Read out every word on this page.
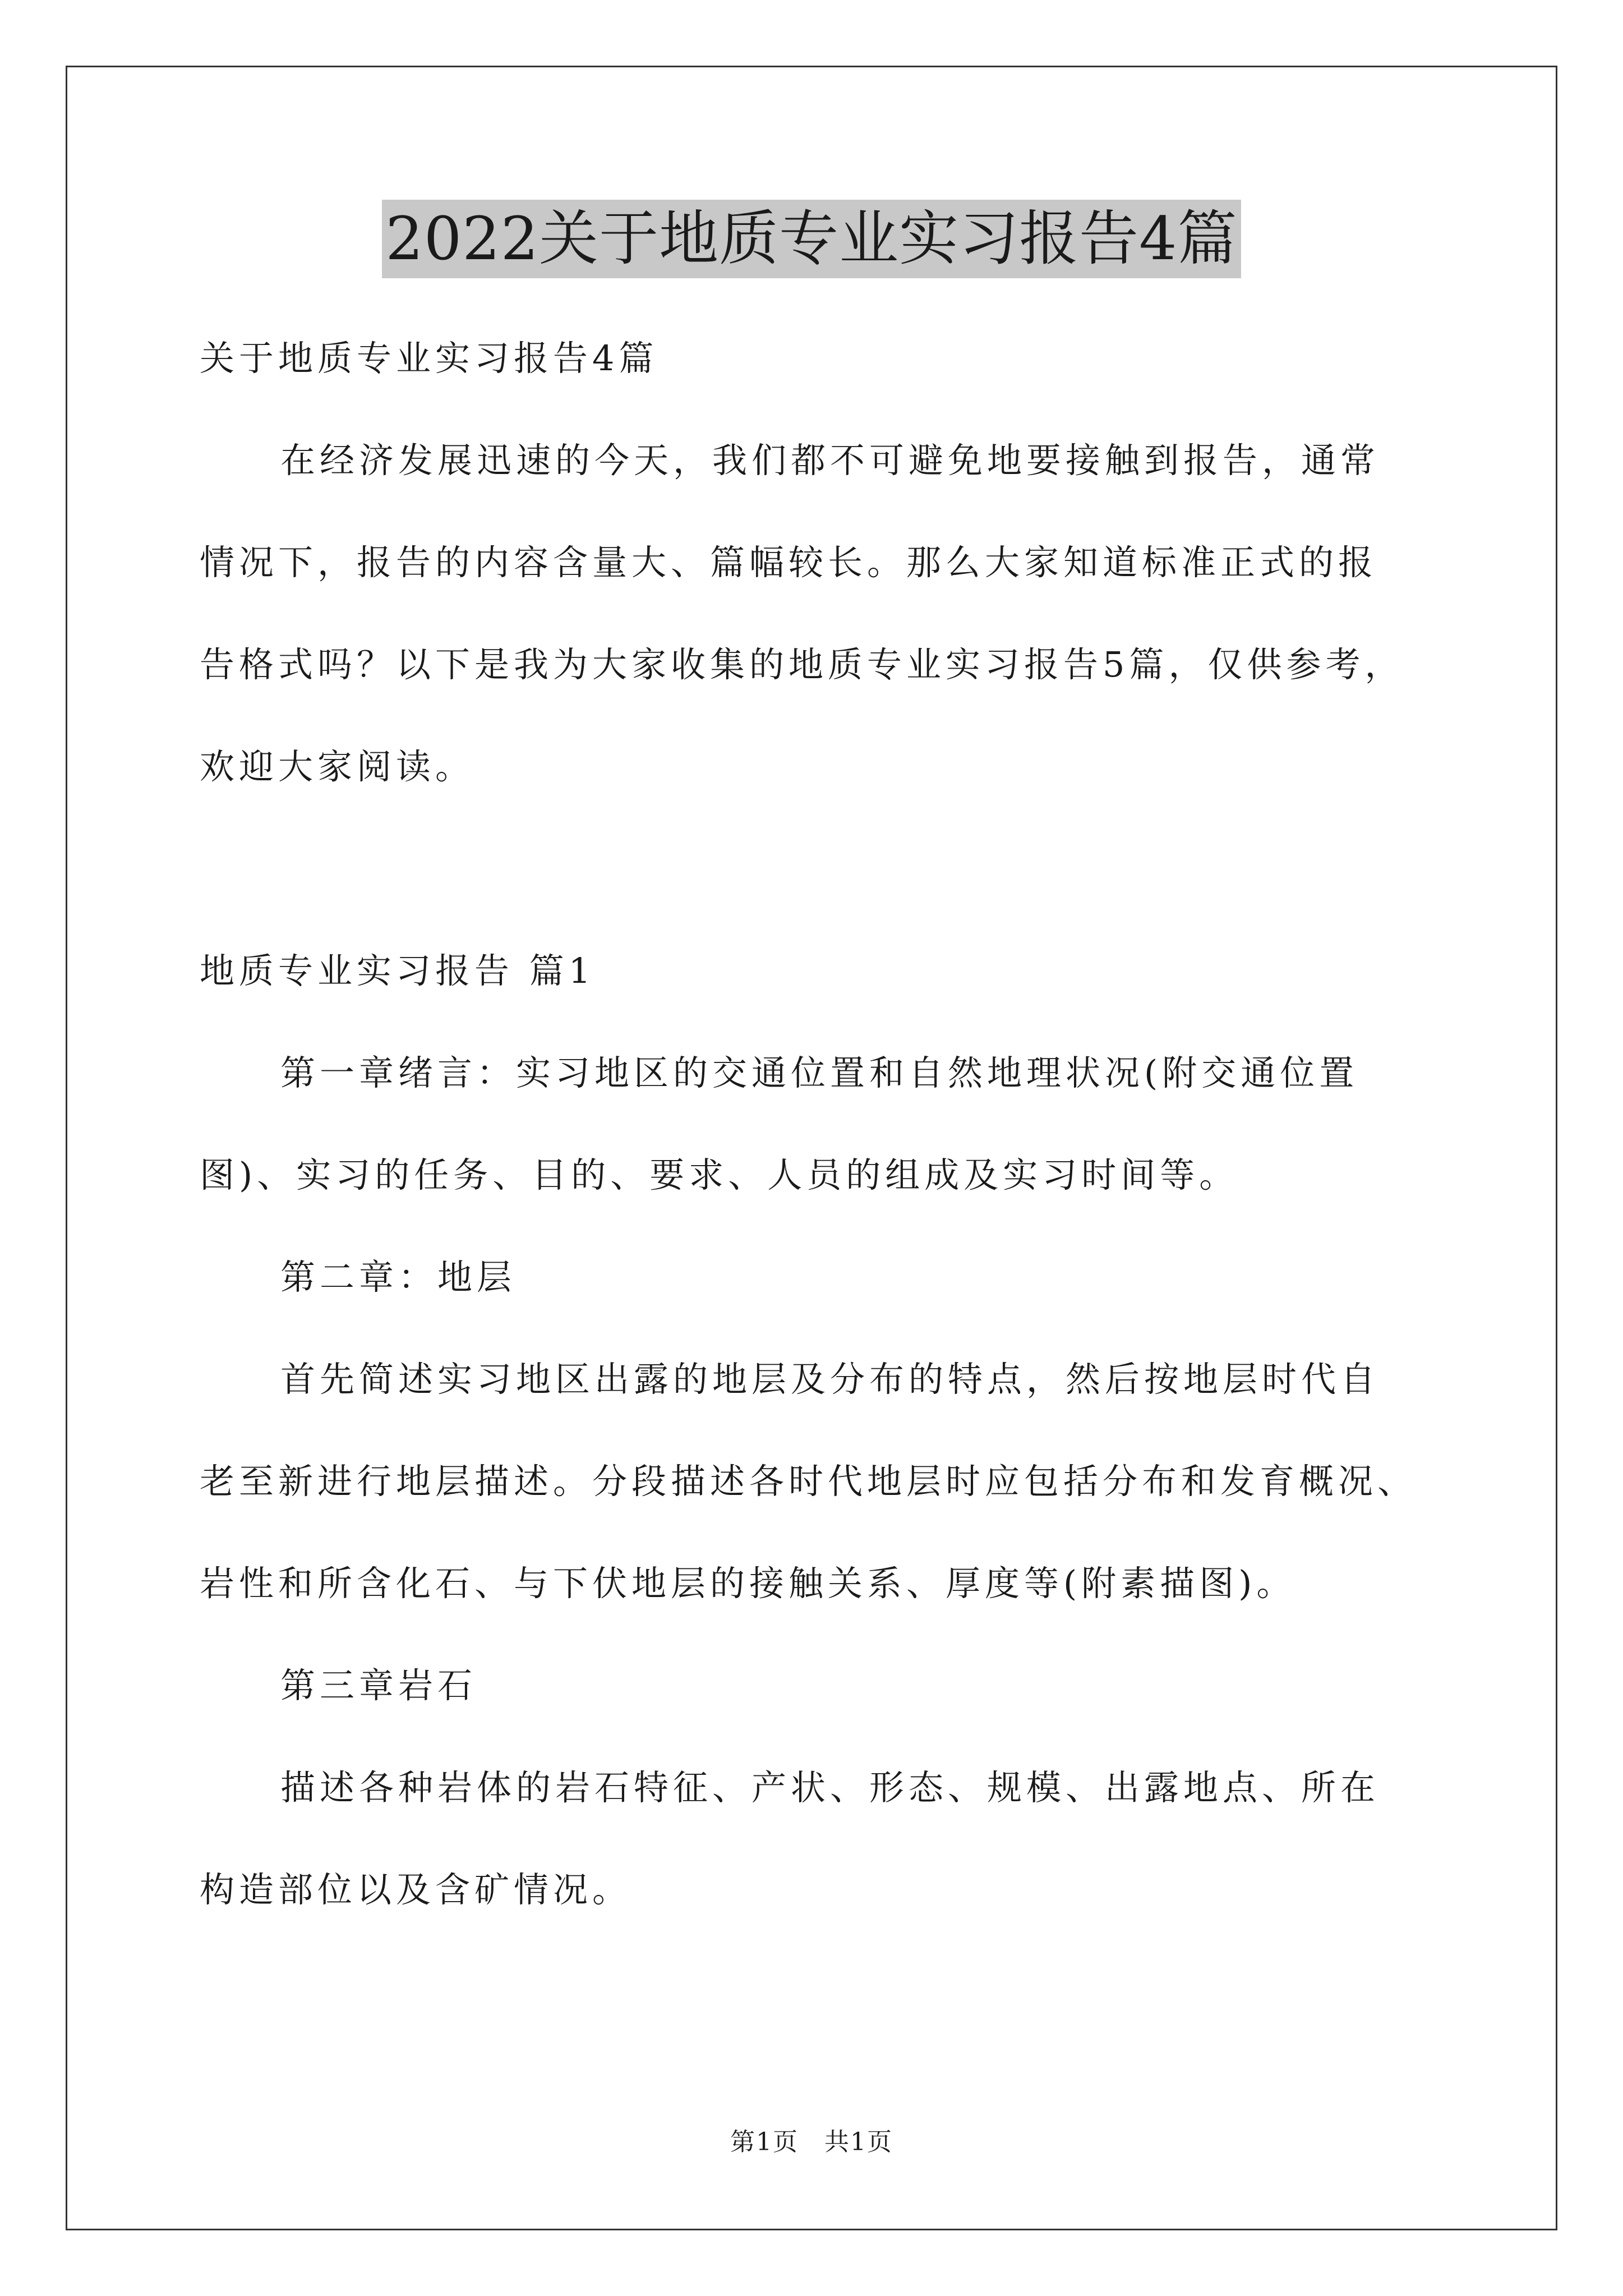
2022关于地质专业实习报告4篇

关于地质专业实习报告4篇

在经济发展迅速的今天，我们都不可避免地要接触到报告，通常

情况下，报告的内容含量大、篇幅较长。那么大家知道标准正式的报

告格式吗？以下是我为大家收集的地质专业实习报告5篇，仅供参考，

欢迎大家阅读。

地质专业实习报告 篇1

第一章绪言：实习地区的交通位置和自然地理状况(附交通位置

图)、实习的任务、目的、要求、人员的组成及实习时间等。

第二章：地层

首先简述实习地区出露的地层及分布的特点，然后按地层时代自

老至新进行地层描述。分段描述各时代地层时应包括分布和发育概况、

岩性和所含化石、与下伏地层的接触关系、厚度等(附素描图)。

第三章岩石

描述各种岩体的岩石特征、产状、形态、规模、出露地点、所在

构造部位以及含矿情况。

第1页　共1页
